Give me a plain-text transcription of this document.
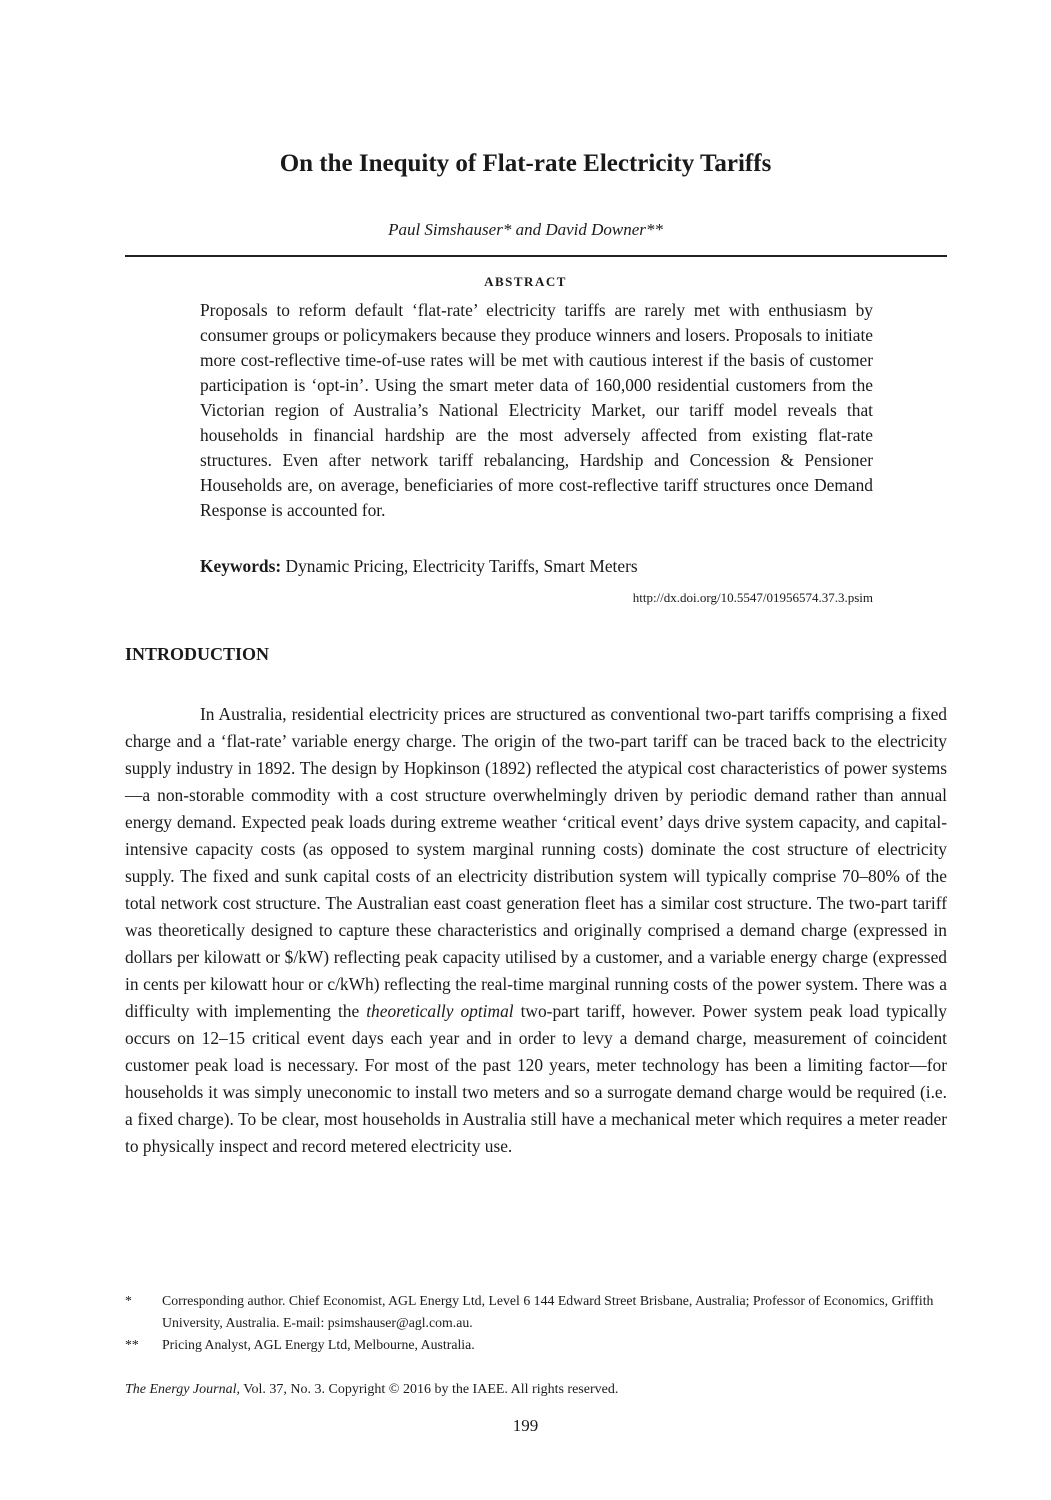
On the Inequity of Flat-rate Electricity Tariffs
Paul Simshauser* and David Downer**
ABSTRACT

Proposals to reform default ‘flat-rate’ electricity tariffs are rarely met with enthusiasm by consumer groups or policymakers because they produce winners and losers. Proposals to initiate more cost-reflective time-of-use rates will be met with cautious interest if the basis of customer participation is ‘opt-in’. Using the smart meter data of 160,000 residential customers from the Victorian region of Australia’s National Electricity Market, our tariff model reveals that households in financial hardship are the most adversely affected from existing flat-rate structures. Even after network tariff rebalancing, Hardship and Concession & Pensioner Households are, on average, beneficiaries of more cost-reflective tariff structures once Demand Response is accounted for.

Keywords: Dynamic Pricing, Electricity Tariffs, Smart Meters
http://dx.doi.org/10.5547/01956574.37.3.psim
INTRODUCTION

In Australia, residential electricity prices are structured as conventional two-part tariffs comprising a fixed charge and a ‘flat-rate’ variable energy charge. The origin of the two-part tariff can be traced back to the electricity supply industry in 1892. The design by Hopkinson (1892) reflected the atypical cost characteristics of power systems—a non-storable commodity with a cost structure overwhelmingly driven by periodic demand rather than annual energy demand. Expected peak loads during extreme weather ‘critical event’ days drive system capacity, and capital-intensive capacity costs (as opposed to system marginal running costs) dominate the cost structure of electricity supply. The fixed and sunk capital costs of an electricity distribution system will typically comprise 70–80% of the total network cost structure. The Australian east coast generation fleet has a similar cost structure. The two-part tariff was theoretically designed to capture these characteristics and originally comprised a demand charge (expressed in dollars per kilowatt or $/kW) reflecting peak capacity utilised by a customer, and a variable energy charge (expressed in cents per kilowatt hour or c/kWh) reflecting the real-time marginal running costs of the power system. There was a difficulty with implementing the theoretically optimal two-part tariff, however. Power system peak load typically occurs on 12–15 critical event days each year and in order to levy a demand charge, measurement of coincident customer peak load is necessary. For most of the past 120 years, meter technology has been a limiting factor—for households it was simply uneconomic to install two meters and so a surrogate demand charge would be required (i.e. a fixed charge). To be clear, most households in Australia still have a mechanical meter which requires a meter reader to physically inspect and record metered electricity use.

* Corresponding author. Chief Economist, AGL Energy Ltd, Level 6 144 Edward Street Brisbane, Australia; Professor of Economics, Griffith University, Australia. E-mail: psimshauser@agl.com.au.
** Pricing Analyst, AGL Energy Ltd, Melbourne, Australia.
The Energy Journal, Vol. 37, No. 3. Copyright © 2016 by the IAEE. All rights reserved.
199
